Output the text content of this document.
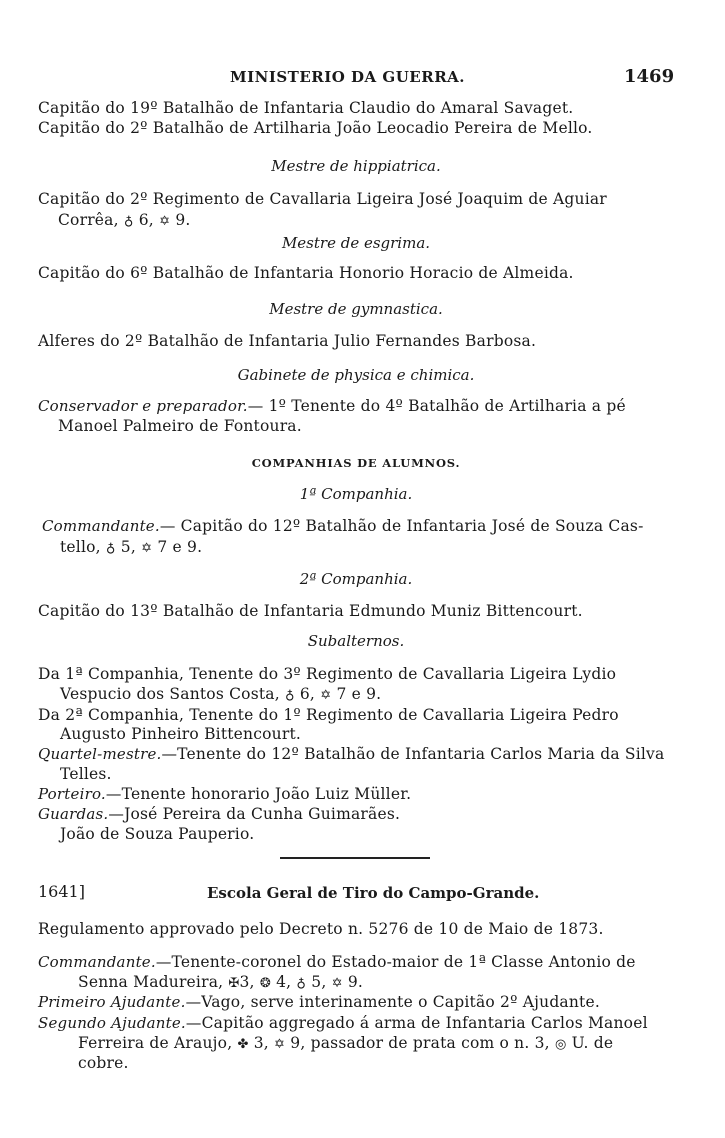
MINISTERIO DA GUERRA.	1469
Capitão do 19º Batalhão de Infantaria Claudio do Amaral Savaget.
Capitão do 2º Batalhão de Artilharia João Leocadio Pereira de Mello.
Mestre de hippiatrica.
Capitão do 2º Regimento de Cavallaria Ligeira José Joaquim de Aguiar
Corrêa, ♁ 6, ✡ 9.
Mestre de esgrima.
Capitão do 6º Batalhão de Infantaria Honorio Horacio de Almeida.
Mestre de gymnastica.
Alferes do 2º Batalhão de Infantaria Julio Fernandes Barbosa.
Gabinete de physica e chimica.
Conservador e preparador.— 1º Tenente do 4º Batalhão de Artilharia a pé
Manoel Palmeiro de Fontoura.
COMPANHIAS DE ALUMNOS.
1ª Companhia.
Commandante.— Capitão do 12º Batalhão de Infantaria José de Souza Cas-
tello, ♁ 5, ✡ 7 e 9.
2ª Companhia.
Capitão do 13º Batalhão de Infantaria Edmundo Muniz Bittencourt.
Subalternos.
Da 1ª Companhia, Tenente do 3º Regimento de Cavallaria Ligeira Lydio
Vespucio dos Santos Costa, ♁ 6, ✡ 7 e 9.
Da 2ª Companhia, Tenente do 1º Regimento de Cavallaria Ligeira Pedro
Augusto Pinheiro Bittencourt.
Quartel-mestre.—Tenente do 12º Batalhão de Infantaria Carlos Maria da Silva
Telles.
Porteiro.—Tenente honorario João Luiz Müller.
Guardas.—José Pereira da Cunha Guimarães.
João de Souza Pauperio.
1641]	Escola Geral de Tiro do Campo-Grande.
Regulamento approvado pelo Decreto n. 5276 de 10 de Maio de 1873.
Commandante.—Tenente-coronel do Estado-maior de 1ª Classe Antonio de
Senna Madureira, ✠3, ❂ 4, ♁ 5, ✡ 9.
Primeiro Ajudante.—Vago, serve interinamente o Capitão 2º Ajudante.
Segundo Ajudante.—Capitão aggregado á arma de Infantaria Carlos Manoel
Ferreira de Araujo, ✤ 3, ✡ 9, passador de prata com o n. 3, ◎ U. de
cobre.
